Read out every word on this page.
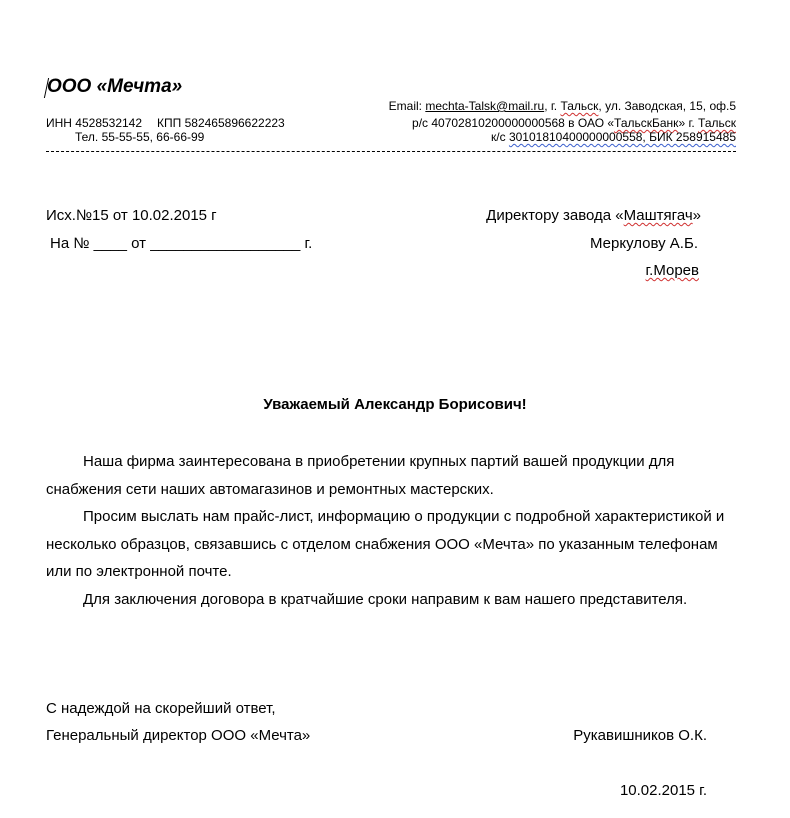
ООО «Мечта»
Email: mechta-Talsk@mail.ru, г. Тальск, ул. Заводская, 15, оф.5
ИНН 4528532142 КПП 582465896622223	р/с 40702810200000000568 в ОАО «ТальскБанк» г. Тальск
Тел. 55-55-55, 66-66-99	к/с 30101810400000000558, БИК 258915485
Исх.№15 от 10.02.2015 г
На № ____ от __________________ г.
Директору завода «Маштягач»
Меркулову А.Б.
г.Морев
Уважаемый Александр Борисович!
Наша фирма заинтересована в приобретении крупных партий вашей продукции для снабжения сети наших автомагазинов и ремонтных мастерских.
Просим выслать нам прайс-лист, информацию о продукции с подробной характеристикой и несколько образцов, связавшись с отделом снабжения ООО «Мечта» по указанным телефонам или по электронной почте.
Для заключения договора в кратчайшие сроки направим к вам нашего представителя.
С надеждой на скорейший ответ,
Генеральный директор ООО «Мечта»	Рукавишников О.К.
10.02.2015 г.
